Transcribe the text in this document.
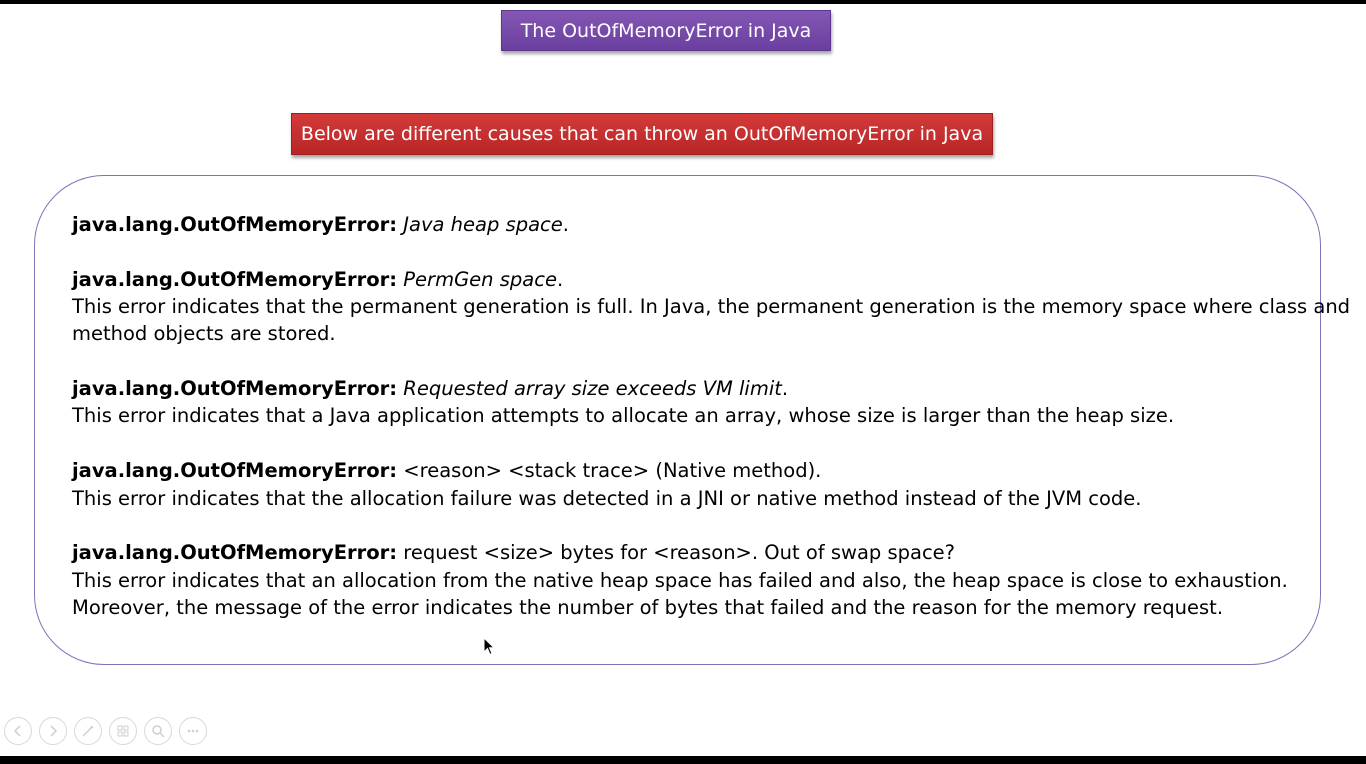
The OutOfMemoryError in Java
Below are different causes that can throw an OutOfMemoryError in Java
java.lang.OutOfMemoryError: Java heap space.
java.lang.OutOfMemoryError: PermGen space.
This error indicates that the permanent generation is full. In Java, the permanent generation is the memory space where class and
method objects are stored.
java.lang.OutOfMemoryError: Requested array size exceeds VM limit.
This error indicates that a Java application attempts to allocate an array, whose size is larger than the heap size.
java.lang.OutOfMemoryError: <reason> <stack trace> (Native method).
This error indicates that the allocation failure was detected in a JNI or native method instead of the JVM code.
java.lang.OutOfMemoryError: request <size> bytes for <reason>. Out of swap space?
This error indicates that an allocation from the native heap space has failed and also, the heap space is close to exhaustion.
Moreover, the message of the error indicates the number of bytes that failed and the reason for the memory request.
